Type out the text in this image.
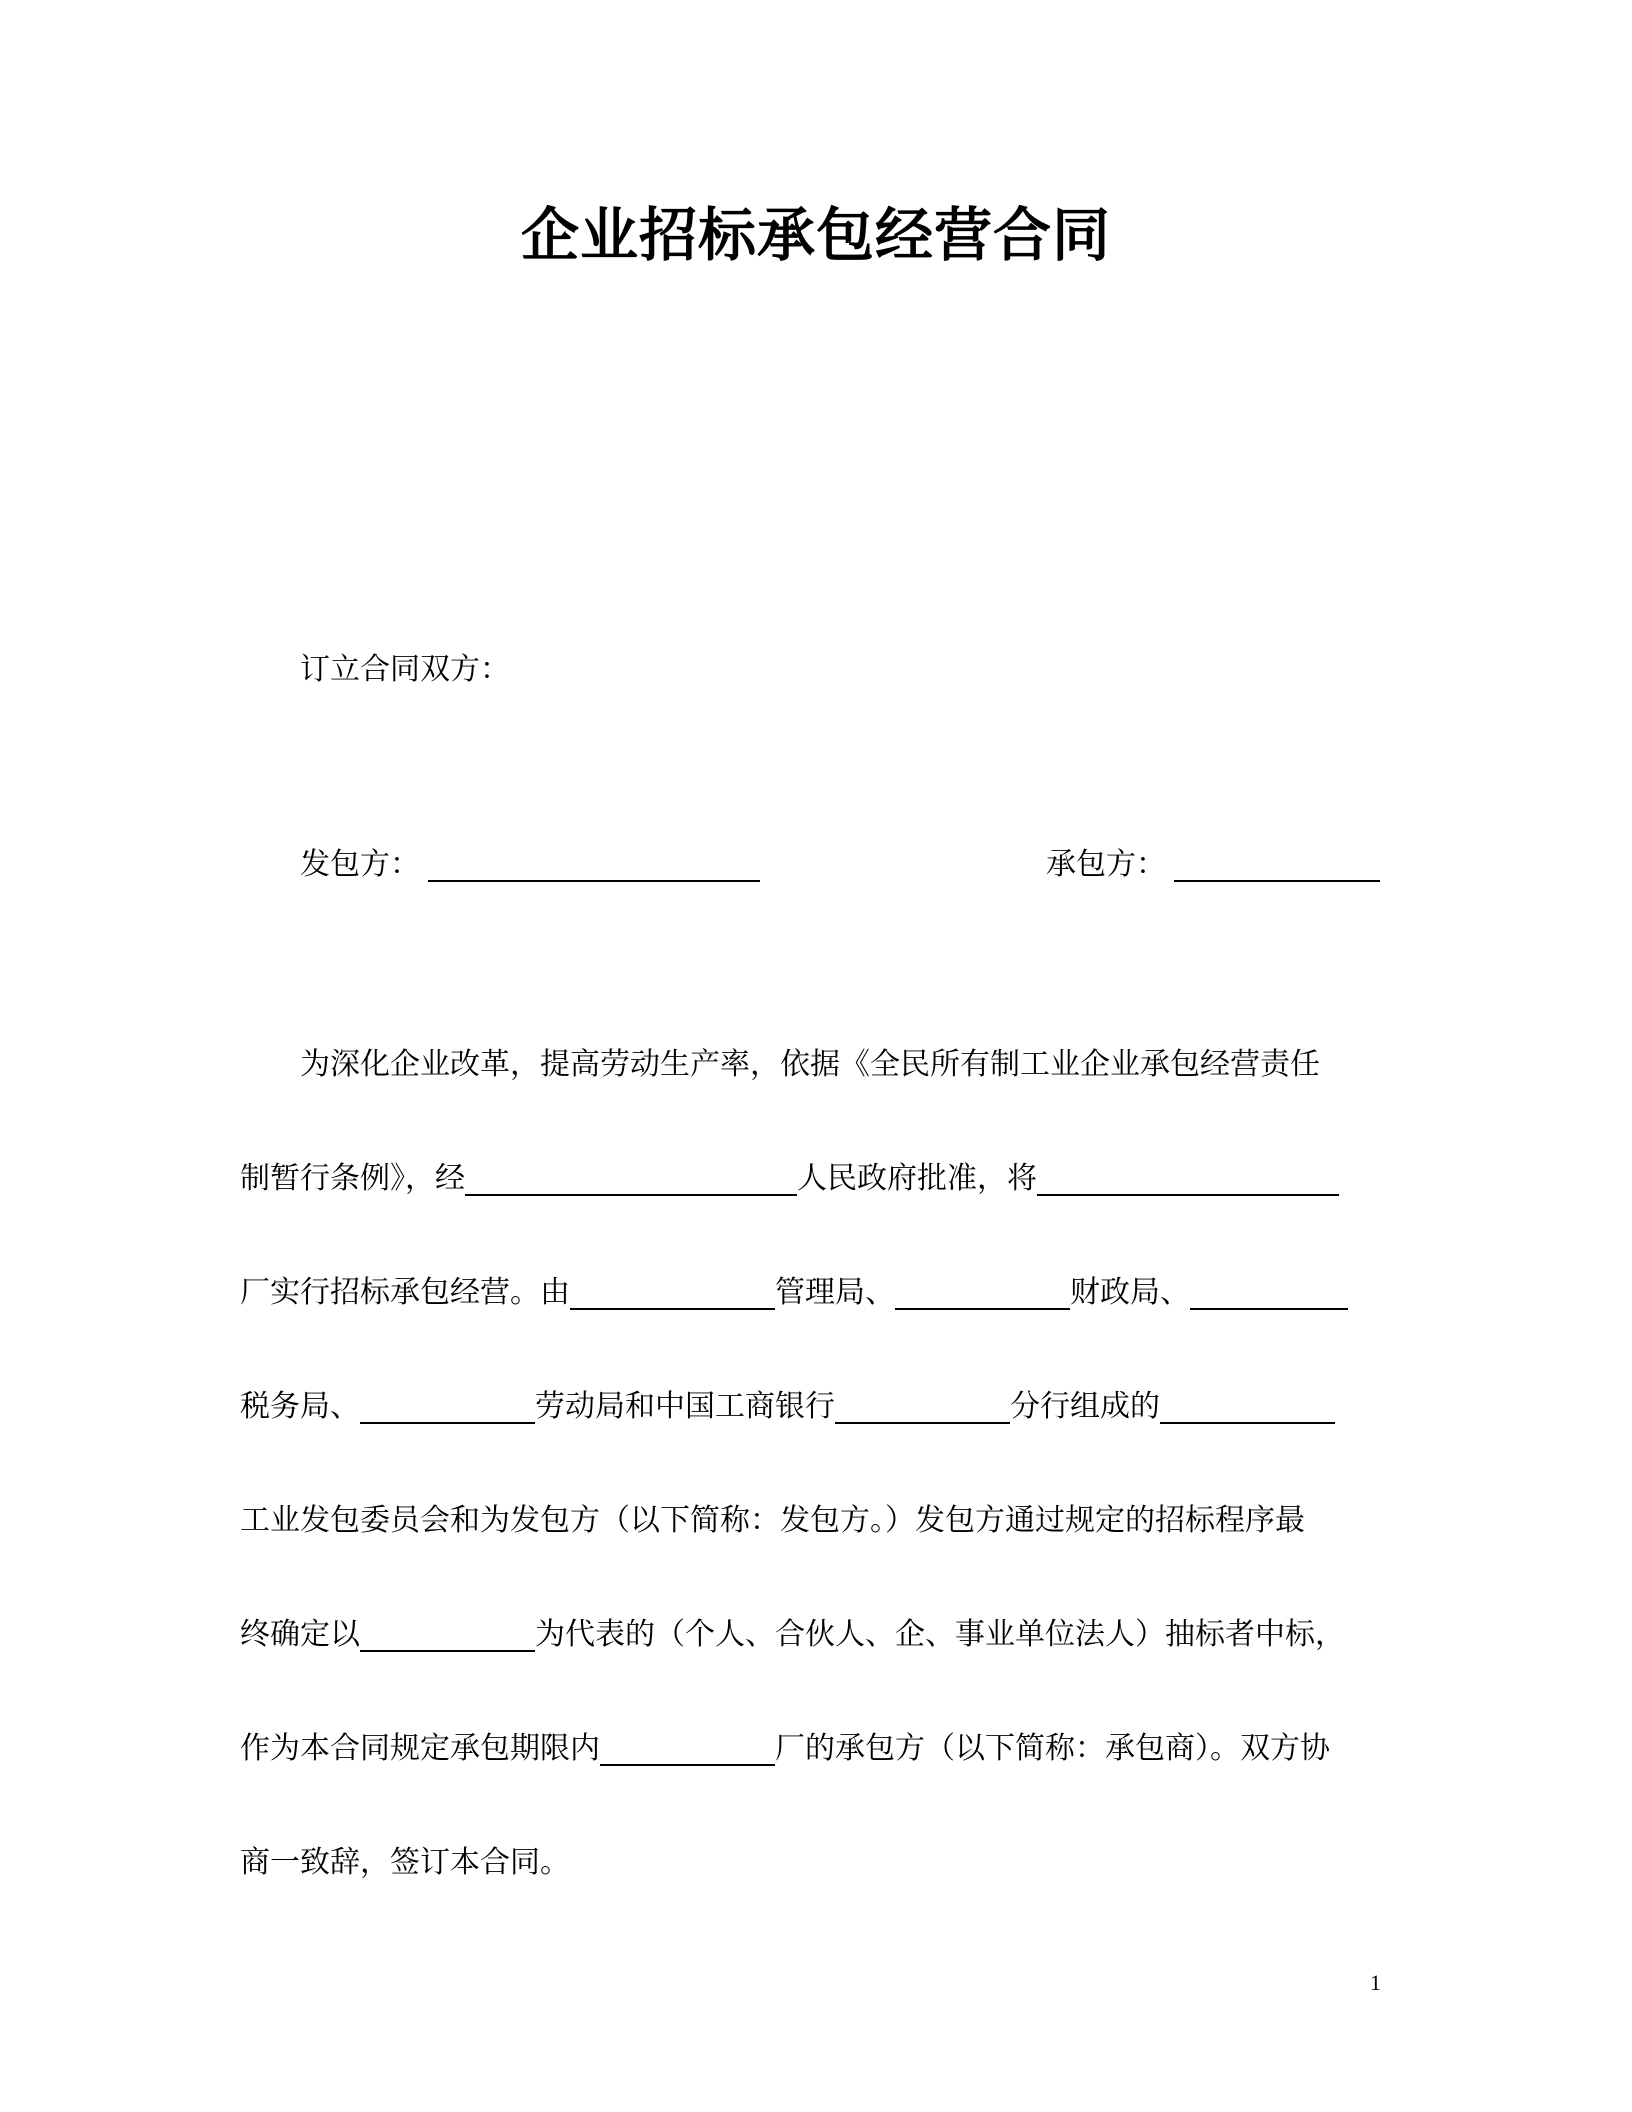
企业招标承包经营合同
订立合同双方：
发包方：	承包方：
为深化企业改革，提高劳动生产率，依据《全民所有制工业企业承包经营责任
制暂行条例》，经	人民政府批准，将
厂实行招标承包经营。由	管理局、	财政局、
税务局、	劳动局和中国工商银行	分行组成的
工业发包委员会和为发包方（以下简称：发包方。）发包方通过规定的招标程序最
终确定以	为代表的（个人、合伙人、企、事业单位法人）抽标者中标，
作为本合同规定承包期限内	厂的承包方（以下简称：承包商）。双方协
商一致辞，签订本合同。
1
